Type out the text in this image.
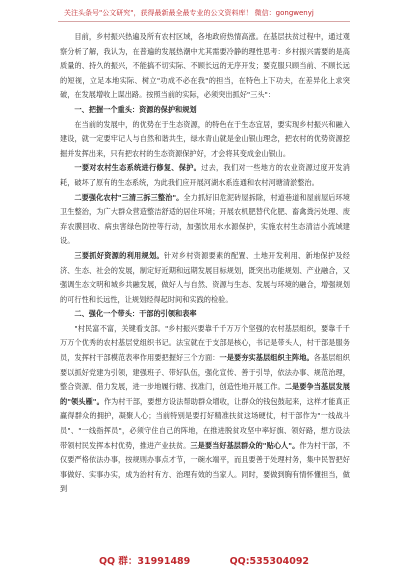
关注头条号"公文研究"，获得最新最全最专业的公文资料库！ 微信：gongwenyj

目前，乡村振兴热遍及所有农村区域，各地政府热情高涨。在基层扶贫过程中，通过观察分析了解，我认为，在普遍的发展热潮中尤其需要冷静的理性思考：乡村振兴需要的是高质量的、持久的振兴，不能搞不切实际、不顾长远的无序开发；要克服只顾当前、不顾长远的短视，立足本地实际、树立"功成不必在我"的担当，在特色上下功夫，在差异化上求突破，在发展增收上谋出路。按照当前的实际，必须突出抓好"三头"：

一、把握一个重头：资源的保护和规划

在当前的发展中，的优势在于生态资源，的特色在于生态宜居，要实现乡村振兴和融入建设，就一定要牢记人与自然和谐共生，绿水青山就是金山银山理念，把农村的优势资源挖掘并发挥出来，只有把农村的生态资源保护好，才会将其变成金山银山。

一要对农村生态系统进行修复、保护。过去，我们对一些地方的农业资源过度开发消耗，破坏了原有的生态系统，为此我们应开展河湖水系连通和农村河塘清淤整治。

二要强化农村"三清三拆三整治"。全力抓好旧危泥砖屋拆除，村道巷道和屋前屋后环境卫生整治，为广大群众营造整洁舒适的居住环境；开展农机肥替代化肥、畜禽粪污处理、废弃农膜回收、病虫害绿色防控等行动，加强饮用水水源保护，实施农村生态清洁小流域建设。

三要抓好资源的利用规划。针对乡村资源要素的配置、土地开发利用、新地保护及经济、生态、社会的发展，制定好近期和远期发展目标规划，既突出功能规划、产业融合，又强调生态文明和城乡共融发展，做好人与自然、资源与生态、发展与环境的融合，增强规划的可行性和长远性，让规划经得起时间和实践的检验。

二、强化一个带头：干部的引领和表率

"村民富不富，关键看支部。"乡村振兴要靠千千万万个坚强的农村基层组织，要靠千千万万个优秀的农村基层党组织书记。法宝就在于支部是核心，书记是带头人，村干部是服务员，发挥村干部模范表率作用要把握好三个方面：一是要夯实基层组织主阵地。各基层组织要以抓好党建为引领，建强班子、带好队伍，强化宣传、善于引导，依法办事、规范治理，整合资源、借力发展，进一步地履行辖、找准门，创造性地开展工作。二是要争当基层发展的"领头雁"。作为村干部，要想方设法帮助群众增收，让群众的钱包鼓起来，这样才能真正赢得群众的拥护，凝聚人心；当前特别是要打好精准扶贫这场硬仗，村干部作为"一线战斗员"、"一线指挥员"，必须守住自己的阵地，在推进脱贫攻坚中率好旗、领好路，想方设法带领村民发挥本村优势，推进产业扶贫。三是要当好基层群众的"贴心人"。作为村干部，不仅要严格依法办事，按规则办事点才节，一碗水端平，而且要善于处理村务，集中民智把好事做好、实事办实，成为治村有方、治理有效的当家人。同时，要做到胸有情怀懂担当，做到

QQ 群：31991489	QQ:535304092
